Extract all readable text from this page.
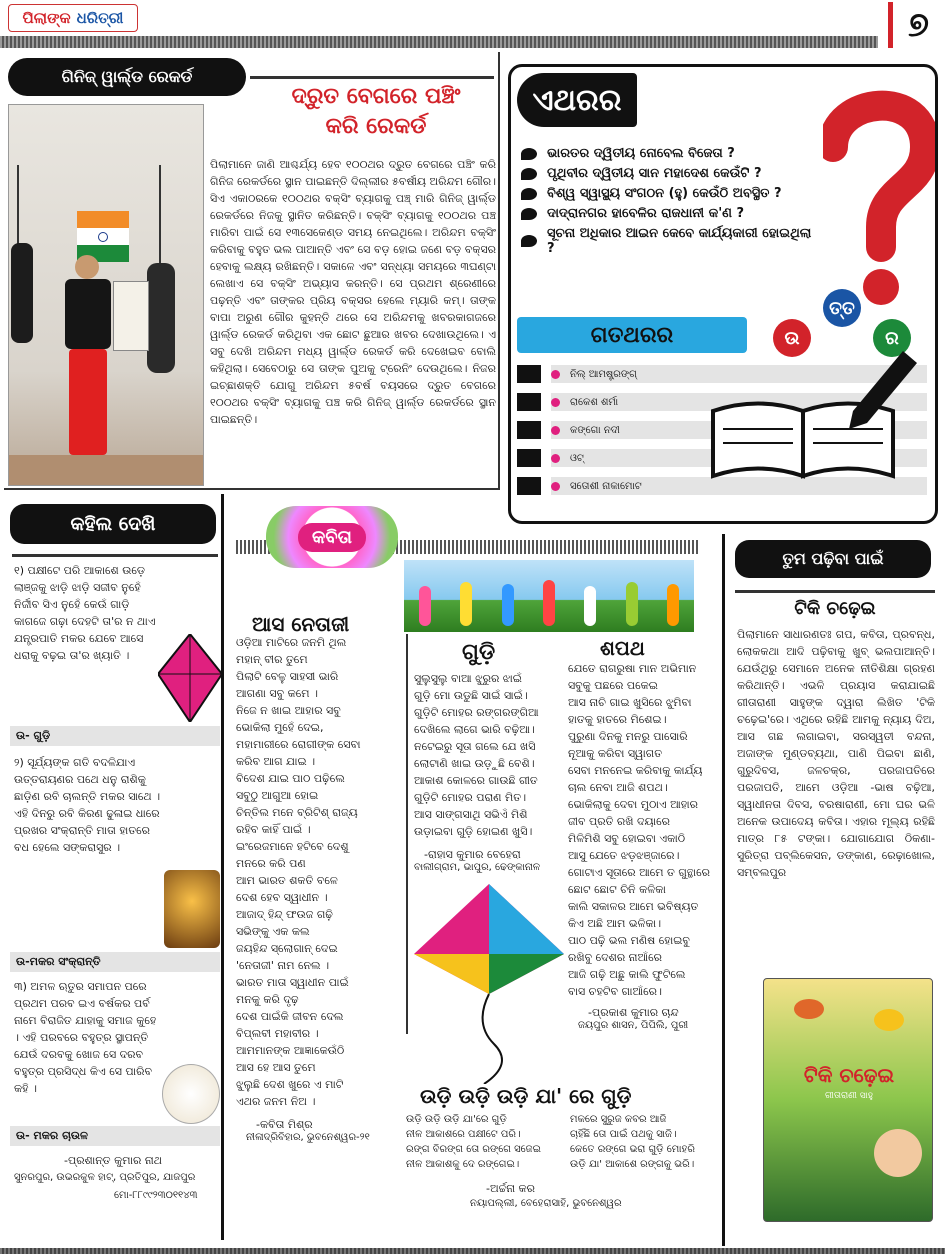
ପିଲାଙ୍କ ଧରିତ୍ରୀ	୭
ଗିନିଜ୍ ୱାର୍ଲ୍ଡ ରେକର୍ଡ
ଦ୍ରୁତ ବେଗରେ ପଞ୍ଚିଂ
କରି ରେକର୍ଡ
ପିଲାମାନେ ଜାଣି ଆଶ୍ଚର୍ଯ୍ୟ ହେବ ୧୦୦ଥର ଦ୍ରୁତ ବେଗରେ ପଞ୍ଚିଂ କରି ଗିନିଜ ରେକର୍ଡରେ ସ୍ଥାନ ପାଇଛନ୍ତି ଦିଲ୍ଲୀର ୫ବର୍ଷୀୟ ଅରିନ୍ଦମ ଗୌର। ସିଏ ଏକାଠରକେ ୧୦୦ଥର ବକ୍ସିଂ ବ୍ୟାଗକୁ ପଞ୍ଚ୍ ମାରି ଗିନିଜ୍ ୱାର୍ଲ୍ଡ ରେକର୍ଡରେ ନିଜକୁ ସ୍ଥାନିତ କରିଛନ୍ତି। ବକ୍ସିଂ ବ୍ୟାଗକୁ ୧୦୦ଥର ପଞ୍ଚ ମାରିବା ପାଇଁ ସେ ୧୩ସେକେଣ୍ଡ ସମୟ ନେଇଥିଲେ। ଅରିନ୍ଦମ ବକ୍ସିଂ କରିବାକୁ ବହୁତ ଭଲ ପାଆନ୍ତି ଏବଂ ସେ ବଡ଼ ହୋଇ ଜଣେ ବଡ଼ ବକ୍ସର ହେବାକୁ ଲକ୍ଷ୍ୟ ରଖିଛନ୍ତି। ସକାଳେ ଏବଂ ସନ୍ଧ୍ୟା ସମୟରେ ୩ଘଣ୍ଟା ଲେଖାଏ ସେ ବକ୍ସିଂ ଅଭ୍ୟାସ କରନ୍ତି। ସେ ପ୍ରଥମ ଶ୍ରେଣୀରେ ପଢ଼ନ୍ତି ଏବଂ ତାଙ୍କର ପ୍ରିୟ ବକ୍ସର ହେଲେ ମ୍ୟାରି କମ୍। ତାଙ୍କ ବାପା ଅରୁଣ ଗୌର କୁହନ୍ତି ଥରେ ସେ ଅରିନ୍ଦମକୁ ଖବରକାଗଜରେ ୱାର୍ଲ୍ଡ ରେକର୍ଡ କରିଥିବା ଏକ ଛୋଟ ଛୁଆର ଖବର ଦେଖାଉଥିଲେ। ଏ ସବୁ ଦେଖି ଅରିନ୍ଦମ ମଧ୍ୟ ୱାର୍ଲ୍ଡ ରେକର୍ଡ କରି ଦେଖେଇବ ବୋଲି କହିଥିଲା। ସେବେଠାରୁ ସେ ତାଙ୍କ ପୁଅକୁ ଟ୍ରେନିଂ ଦେଉଥିଲେ। ନିଜର ଇଚ୍ଛାଶକ୍ତି ଯୋଗୁ ଅରିନ୍ଦମ ୫ବର୍ଷ ବୟସରେ ଦ୍ରୁତ ବେଗରେ ୧୦୦ଥର ବକ୍ସିଂ ବ୍ୟାଗକୁ ପଞ୍ଚ କରି ଗିନିଜ୍ ୱାର୍ଲ୍ଡ ରେକର୍ଡରେ ସ୍ଥାନ ପାଇଛନ୍ତି।
ଏଥରର
ଭାରତର ଦ୍ୱିତୀୟ ନୋବେଲ ବିଜେତା ?
ପୃଥିବୀର ଦ୍ୱିତୀୟ ସାନ ମହାଦେଶ କେଉଁଟି ?
ବିଶ୍ୱ ସ୍ୱାସ୍ଥ୍ୟ ସଂଗଠନ (ହୁ) କେଉଁଠି ଅବସ୍ଥିତ ?
ଦାଦ୍ରାନଗର ହାବେଳିର ରାଜଧାନୀ କ'ଣ ?
ସୂଚନା ଅଧିକାର ଆଇନ କେବେ କାର୍ଯ୍ୟକାରୀ ହୋଇଥିଲା ?
ଉ
ତ୍ତ
ର
ଗତଥରର
ନିଲ୍ ଆମଷ୍ଟ୍ରଙ୍ଗ୍
ରାକେଶ ଶର୍ମା
କଙ୍ଗୋ ନଦୀ
ଓଟ୍
ସତୋଶୀ ନାକାମୋଟ
କହିଲ ଦେଖି
୧) ପକ୍ଷୀଟେ ପରି ଆକାଶେ ଉଡ଼େ ଲାଞ୍ଜକୁ ଝାଡ଼ି ଝାଡ଼ି ସଜୀବ ନୁହେଁ ନିର୍ଜୀବ ସିଏ ନୁହେଁ କେଉଁ ଗାଡ଼ି କାଗଜେ ଗଢ଼ା ଦେହଟି ତା'ର ନ ଥାଏ ଯନ୍ତ୍ରପାତି ମକର ଯେବେ ଆସେ ଧରାକୁ ବଢ଼ଇ ତା'ର ଖ୍ୟାତି ।
ଉ- ଗୁଡ଼ି
୨) ସୂର୍ଯ୍ୟଙ୍କ ଗତି ବଦଳିଯାଏ ଉତ୍ତରାୟଣର ପଥେ ଧନୁ ରାଶିକୁ ଛାଡ଼ିଣ ରବି ଚାଲନ୍ତି ମକର ସାଥେ । ଏହି ଦିନରୁ ରବି କିରଣ ଢୁଳାଇ ଧାରେ ପ୍ରଖର ସଂକ୍ରାନ୍ତି ମାତା ହାତରେ ବଧ ହେଲେ ସଙ୍କରାସୁର ।
ଉ-ମକର ସଂକ୍ରାନ୍ତି
୩) ଅମଳ ଋତୁର ସମାପନ ପରେ ପ୍ରଥମ ପରବ ଇଏ ବର୍ଷକର ପର୍ବ ନାମେ ବିରାଜିତ ଯାହାକୁ ସମାଜ କୁହେ । ଏହି ପରବରେ ବହୁତ୍ର ସ୍ଥାପନ୍ତି ଯେଉଁ ଦରବକୁ ଖୋଜ ସେ ଦରବ ବହୁତ୍ର ପ୍ରସିଦ୍ଧ କିଏ ସେ ପାରିବ କହି ।
ଉ- ମକର ଚାଉଳ
-ପ୍ରଶାନ୍ତ କୁମାର ନାଥ
ସୁନରପୁର, ଉଭରକୁଳ ହାଟ୍, ପ୍ରତିପୁର, ଯାଜପୁର
ମୋ-୮୮୯୯୨୩୦୧୧୪୩
କବିତା
ଆସ ନେତାଜୀ
ଓଡ଼ିଆ ମାଟିରେ ଜନମି ଥିଲ
ମହାନ୍ ବୀର ତୁମେ
ପିଲାଟି ବେଳୁ ସାହସୀ ଭାରି
ଆଗଣା ସବୁ କମେ ।
ନିଜେ ନ ଖାଇ ଆହାର ସବୁ
ଭୋକିଲା ମୁହେଁ ଦେଇ,
ମହାମାରୀରେ ରୋଗୀଙ୍କ ସେବା
କରିବ ଆଗ ଯାଇ ।
ବିଦେଶ ଯାଇ ପାଠ ପଢ଼ିଲେ
ସବୁଠୁ ଆଗୁଆ ହୋଇ
ଚିନ୍ତିଲ ମନେ ବ୍ରିଟିଶ୍ ରାଜ୍ୟ
ରହିବ କାହିଁ ପାଇଁ ।
ଇଂରେଜମାନେ ହଟିବେ ଦେଶୁ
ମନରେ କରି ପଣ
ଆମ ଭାରତ ଶକତି ବଳେ
ଦେଶ ହେବ ସ୍ୱାଧୀନ ।
ଆଜାଦ୍ ହିନ୍ଦ୍ ଫଉଜ ଗଢ଼ି
ସଭିଙ୍କୁ ଏକ କଲ
ଜୟହିନ୍ଦ ସ୍ଲୋଗାନ୍ ଦେଇ
'ନେତାଜୀ' ନାମ ନେଲ ।
ଭାରତ ମାତା ସ୍ୱାଧୀନ ପାଇଁ
ମନକୁ କରି ଦୃଢ଼
ଦେଶ ପାଇଁକି ଜୀବନ ଦେଲ
ବିପ୍ଲବୀ ମହାବୀର ।
ଆମମାନଙ୍କ ଆଜ୍ଞାକେଉଁଠି
ଆସ ହେ ଆସ ତୁମେ
ଝୁଲୁଛି ଦେଶ ଖୁରେ ଏ ମାଟି
ଏଥର ଜନମ ନିଅ ।
-କବିତା ମିଶ୍ର
ନୀଳାଦ୍ରିବିହାର, ଭୁବନେଶ୍ୱର-୨୧
ଗୁଡ଼ି
ସୁଲୁସୁଲୁ ବାଆ ଝୁରୁର ଝାଇଁ
ଗୁଡ଼ି ମୋ ଉଡୁଛି ସାଇଁ ସାଇଁ।
ଗୁଡ଼ିଟି ମୋହର ରଙ୍ଗରଙ୍ଗିଆ
ଦେଖିଲେ ଲାଗେ ଭାରି ବଢ଼ିଆ।
ନଟେଇରୁ ସୂତା ଗଲେ ଯେ ଖସି
ଲୋଟାଣି ଖାଇ ଉଡ଼ୁଛି ବେଶି।
ଆକାଶ କୋଳରେ ଗାଉଛି ଗୀତ
ଗୁଡ଼ିଟି ମୋହର ପରାଣ ମିତ।
ଆସ ସାଙ୍ଗସାଥି ସଭିଏଁ ମିଶି
ଉଡ଼ାଇବା ଗୁଡ଼ି ହୋଇଣ ଖୁସି।
-ରାହାସ କୁମାର ବେହେରା
ବାଲୀଗ୍ରାମ, ଭାପୁର, ଢେଙ୍କାନାଳ
ଶପଥ
ଯେତେ ରାଗରୁଷା ମାନ ଅଭିମାନ
ସବୁକୁ ପଛରେ ପକେଇ
ଆସ ନାଚି ଗାଇ ଖୁସିରେ ଝୁମିବା
ହାତକୁ ହାତରେ ମିଶେଇ।
ପୁରୁଣା ଦିନକୁ ମନରୁ ପାସୋରି
ନୂଆକୁ କରିବା ସ୍ୱାଗତ
ସେବା ମନନେଇ କରିବାକୁ କାର୍ଯ୍ୟ
ଚାଲ ନେବା ଆଜି ଶପଥ।
ଭୋକିଲାକୁ ଦେବା ମୁଠାଏ ଆହାର
ଜୀବ ପ୍ରତି ରଖି ଦୟାରେ
ମିଳିମିଶି ସବୁ ହୋଇବା ଏକାଠି
ଆସୁ ଯେତେ ଝଡ଼ଝଞ୍ଜାରେ।
ଗୋଟାଏ ସୂତାରେ ଆମେ ତ ଗୁନ୍ଥାରେ
ଛୋଟ ଛୋଟ ଚିନି କଳିକା
କାଲି ସକାଳର ଆମେ ଭବିଷ୍ୟତ
କିଏ ଅଛି ଆମ ଭଳିକା।
ପାଠ ପଢ଼ି ଭଲ ମଣିଷ ହୋଇବୁ
ରଖିବୁ ଦେଶର ନାଆଁରେ
ଆଜି ଗଢ଼ି ଅଛୁ କାଲି ଫୁଟିଲେ
ବାସ ଚହଟିବ ଗାଆଁରେ।
-ପ୍ରକାଶ କୁମାର ଚାନ୍ଦ
ଜୟପୁର ଶାସନ, ପିପିଲି, ପୁରୀ
ଉଡ଼ି ଉଡ଼ି ଉଡ଼ି ଯା' ରେ ଗୁଡ଼ି
ଉଡ଼ି ଉଡ଼ି ଉଡ଼ି ଯା'ରେ ଗୁଡ଼ି
ନୀଳ ଆକାଶରେ ପକ୍ଷୀଟେ ପରି।
ରଙ୍ଗ ବିରଙ୍ଗ ତୋ ରଙ୍ଗେ ସଜେଇ
ନୀଳ ଆକାଶକୁ ଦେ ରଙ୍ଗେଇ।
ମକରେ ସୁରୁଜ କବର ଆଜି
ଚାହିଁଛି ତୋ ପାଇଁ ପଥକୁ ସାଜି।
କେତେ ରଙ୍ଗେ ଭରା ଗୁଡ଼ି ମୋହରି
ଉଡ଼ି ଯା' ଆକାଶେ ରଙ୍ଗକୁ ଭରି।
-ଅର୍ଚ୍ଚନା କର
ନୟାପଲ୍ଲୀ, ବେହେରାସାହି, ଭୁବନେଶ୍ୱର
ତୁମ ପଢ଼ିବା ପାଇଁ
ଟିକି ଚଢ଼େଇ
ପିଲାମାନେ ସାଧାରଣତଃ ଗପ, କବିତା, ପ୍ରବନ୍ଧ, ଲୋକକଥା ଆଦି ପଢ଼ିବାକୁ ଖୁବ୍ ଭଲପାଆନ୍ତି। ଯେଉଁଥିରୁ ସେମାନେ ଅନେକ ନୀତିଶିକ୍ଷା ଗ୍ରହଣ କରିଥାନ୍ତି। ଏଭଳି ପ୍ରୟାସ କରାଯାଇଛି ଗୀତାରାଣୀ ସାହୁଙ୍କ ଦ୍ୱାରା ଲିଖିତ 'ଟିକି ଚଢ଼େଇ'ରେ। ଏଥିରେ ରହିଛି ଆମକୁ ନ୍ୟାୟ ଦିଅ, ଆସ ଗଛ ଲଗାଇବା, ସରସ୍ୱତୀ ବନ୍ଦନା, ଅଜାଙ୍କ ମୁଣ୍ଡବ୍ୟଥା, ପାଣି ପିଇବା ଛାଣି, ଗୁରୁଦିବସ, ଜଳଚକ୍ର, ପରଜାପତିରେ ପରଜାପତି, ଆମେ ଓଡ଼ିଆ -ଭାଷ ବଢ଼ିଆ, ସ୍ୱାଧୀନତା ଦିବସ, ବରଷାରାଣୀ, ମୋ ଘର ଭଳି ଅନେକ ଉପାଦେୟ କବିତା। ଏହାର ମୂଲ୍ୟ ରହିଛି ମାତ୍ର ୮୫ ଟଙ୍କା। ଯୋଗାଯୋଗ ଠିକଣା-ସୁରିତ୍ରା ପବ୍ଲିକେସନ, ଡଙ୍କାଣ, ରେଢ଼ାଖୋଲ, ସମ୍ବଲପୁର
ଟିକି ଚଢ଼େଇ
ଗୀତାରାଣୀ ସାହୁ
